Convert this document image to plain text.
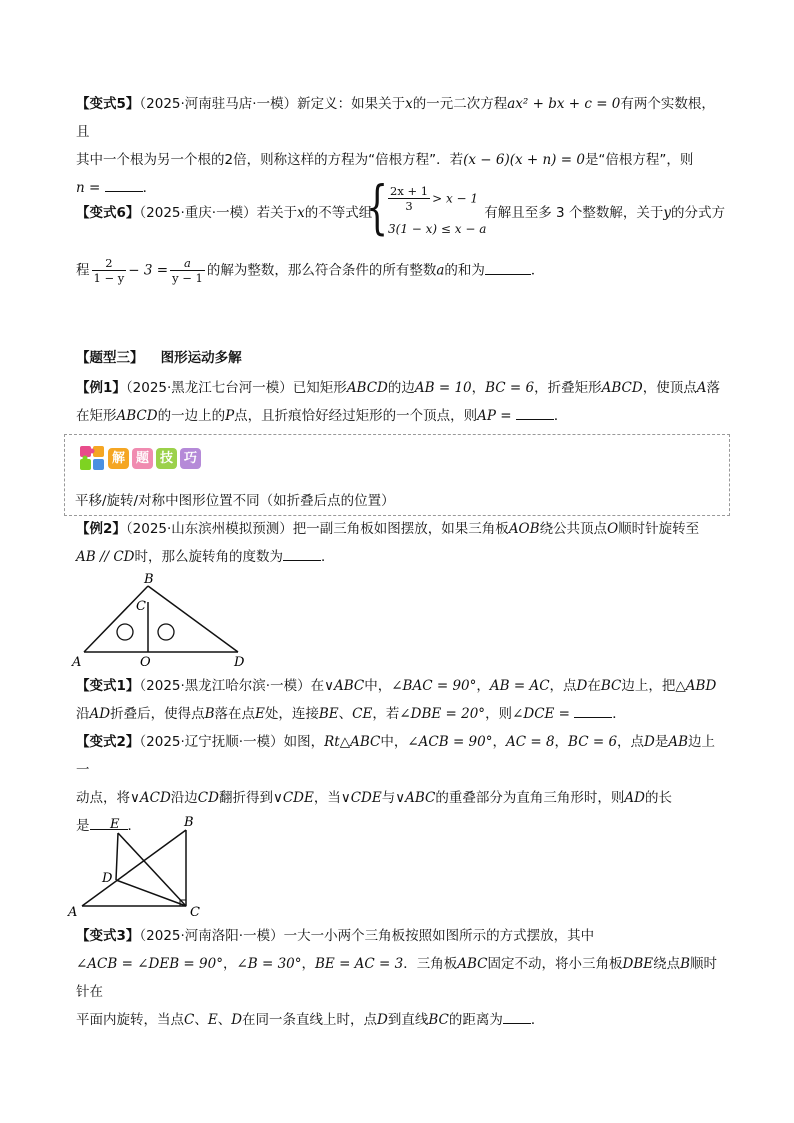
【变式5】（2025·河南驻马店·一模）新定义：如果关于x的一元二次方程ax² + bx + c = 0有两个实数根，且
其中一个根为另一个根的2倍，则称这样的方程为“倍根方程”．若(x − 6)(x + n) = 0是“倍根方程”，则
n =	．
【变式6】（2025·重庆·一模）若关于x的不等式组	有解且至多 3 个整数解，关于y的分式方
{ $\frac{2x + 1}{3} > x - 1$
3(1 − x) ≤ x − a
程 $\frac{2}{1 - y} - 3 = \frac{a}{y - 1}$ 的解为整数，那么符合条件的所有整数a的和为	．
【题型三】 图形运动多解
【例1】（2025·黑龙江七台河一模）已知矩形ABCD的边AB = 10，BC = 6，折叠矩形ABCD，使顶点A落
在矩形ABCD的一边上的P点，且折痕恰好经过矩形的一个顶点，则AP =	．
解 题 技 巧
平移/旋转/对称中图形位置不同（如折叠后点的位置）
【例2】（2025·山东滨州模拟预测）把一副三角板如图摆放，如果三角板AOB绕公共顶点O顺时针旋转至
AB // CD时，那么旋转角的度数为	．
B
C
A	O	D
【变式1】（2025·黑龙江哈尔滨·一模）在∨ABC中，∠BAC = 90°，AB = AC，点D在BC边上，把△ABD
沿AD折叠后，使得点B落在点E处，连接BE、CE，若∠DBE = 20°，则∠DCE =	．
【变式2】（2025·辽宁抚顺·一模）如图，Rt△ABC中，∠ACB = 90°，AC = 8，BC = 6，点D是AB边上一
动点，将∨ACD沿边CD翻折得到∨CDE，当∨CDE与∨ABC的重叠部分为直角三角形时，则AD的长
是	．
E	B
D
A	C
【变式3】（2025·河南洛阳·一模）一大一小两个三角板按照如图所示的方式摆放，其中
∠ACB = ∠DEB = 90°，∠B = 30°，BE = AC = 3．三角板ABC固定不动，将小三角板DBE绕点B顺时针在
平面内旋转，当点C、E、D在同一条直线上时，点D到直线BC的距离为 ．
